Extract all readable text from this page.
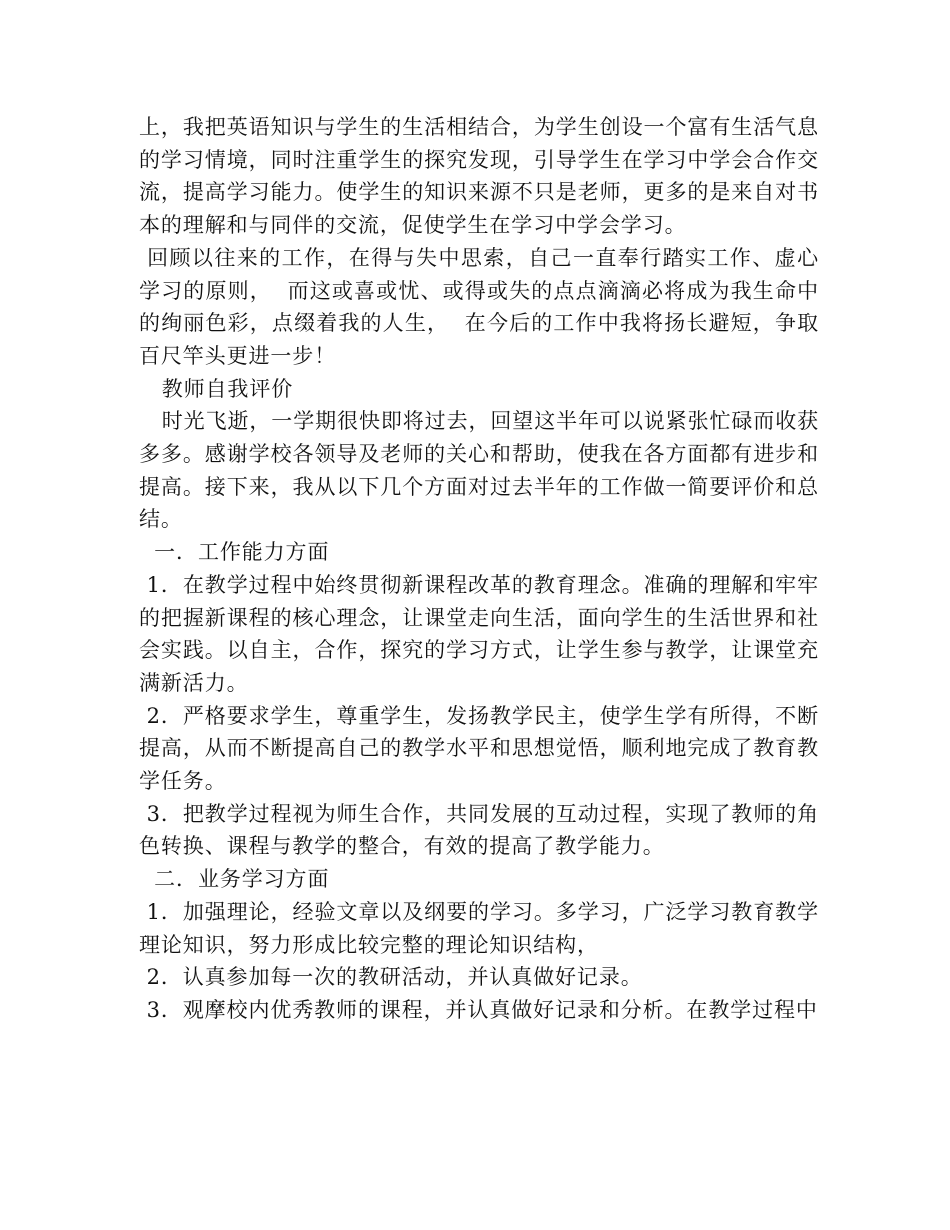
上，我把英语知识与学生的生活相结合，为学生创设一个富有生活气息的学习情境，同时注重学生的探究发现，引导学生在学习中学会合作交流，提高学习能力。使学生的知识来源不只是老师，更多的是来自对书本的理解和与同伴的交流，促使学生在学习中学会学习。

回顾以往来的工作，在得与失中思索，自己一直奉行踏实工作、虚心学习的原则，  而这或喜或忧、或得或失的点点滴滴必将成为我生命中的绚丽色彩，点缀着我的人生，  在今后的工作中我将扬长避短，争取百尺竿头更进一步！

教师自我评价

时光飞逝，一学期很快即将过去，回望这半年可以说紧张忙碌而收获多多。感谢学校各领导及老师的关心和帮助，使我在各方面都有进步和提高。接下来，我从以下几个方面对过去半年的工作做一简要评价和总结。

一．工作能力方面

1．在教学过程中始终贯彻新课程改革的教育理念。准确的理解和牢牢的把握新课程的核心理念，让课堂走向生活，面向学生的生活世界和社会实践。以自主，合作，探究的学习方式，让学生参与教学，让课堂充满新活力。

2．严格要求学生，尊重学生，发扬教学民主，使学生学有所得，不断提高，从而不断提高自己的教学水平和思想觉悟，顺利地完成了教育教学任务。

3．把教学过程视为师生合作，共同发展的互动过程，实现了教师的角色转换、课程与教学的整合，有效的提高了教学能力。

二．业务学习方面

1．加强理论，经验文章以及纲要的学习。多学习，广泛学习教育教学理论知识，努力形成比较完整的理论知识结构，

2．认真参加每一次的教研活动，并认真做好记录。

3．观摩校内优秀教师的课程，并认真做好记录和分析。在教学过程中
